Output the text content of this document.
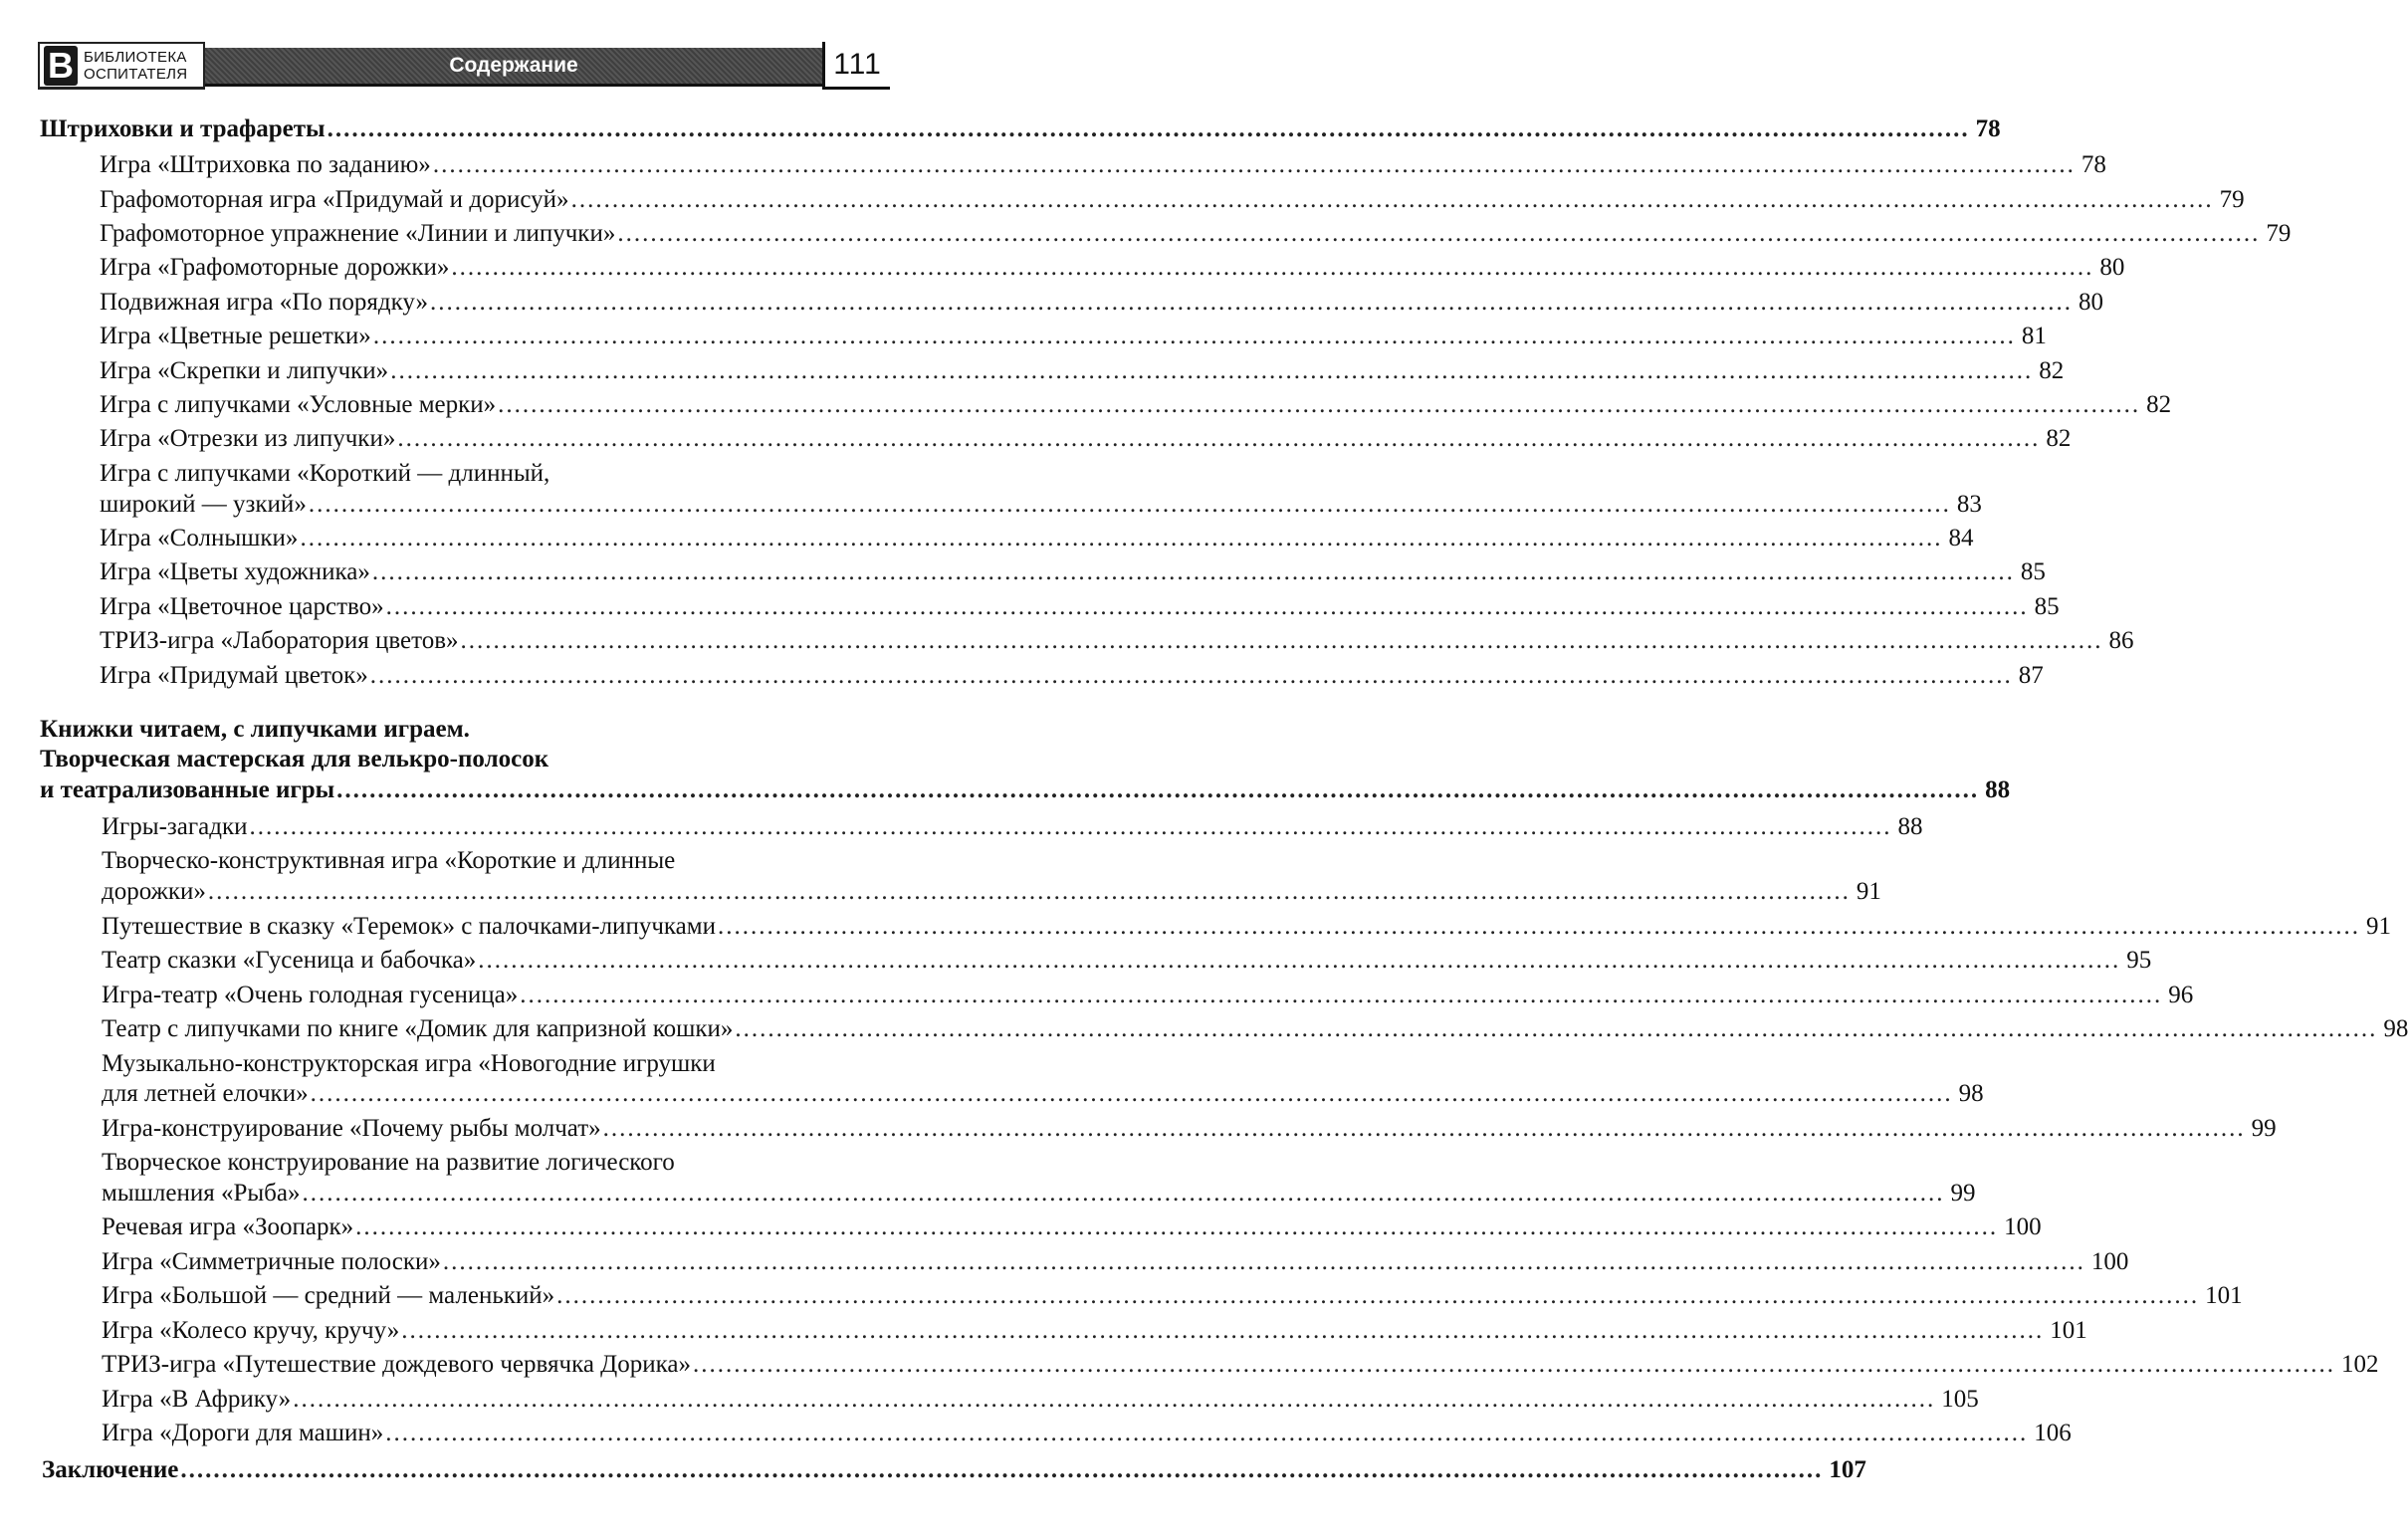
В БИБЛИОТЕКА
ОСПИТАТЕЛЯ	Содержание	111
Штриховки и трафареты ........................................................................................................................................................................................................ 78
Игра «Штриховка по заданию» ........................................................................................................................................................................................................ 78
Графомоторная игра «Придумай и дорисуй» ........................................................................................................................................................................................................ 79
Графомоторное упражнение «Линии и липучки» ........................................................................................................................................................................................................ 79
Игра «Графомоторные дорожки» ........................................................................................................................................................................................................ 80
Подвижная игра «По порядку» ........................................................................................................................................................................................................ 80
Игра «Цветные решетки» ........................................................................................................................................................................................................ 81
Игра «Скрепки и липучки» ........................................................................................................................................................................................................ 82
Игра с липучками «Условные мерки» ........................................................................................................................................................................................................ 82
Игра «Отрезки из липучки» ........................................................................................................................................................................................................ 82
Игра с липучками «Короткий — длинный,
широкий — узкий» ........................................................................................................................................................................................................ 83
Игра «Солнышки» ........................................................................................................................................................................................................ 84
Игра «Цветы художника» ........................................................................................................................................................................................................ 85
Игра «Цветочное царство» ........................................................................................................................................................................................................ 85
ТРИЗ-игра «Лаборатория цветов» ........................................................................................................................................................................................................ 86
Игра «Придумай цветок» ........................................................................................................................................................................................................ 87
Книжки читаем, с липучками играем.
Творческая мастерская для велькро-полосок
и театрализованные игры ........................................................................................................................................................................................................ 88
Игры-загадки ........................................................................................................................................................................................................ 88
Творческо-конструктивная игра «Короткие и длинные
дорожки» ........................................................................................................................................................................................................ 91
Путешествие в сказку «Теремок» с палочками-липучками ........................................................................................................................................................................................................ 91
Театр сказки «Гусеница и бабочка» ........................................................................................................................................................................................................ 95
Игра-театр «Очень голодная гусеница» ........................................................................................................................................................................................................ 96
Театр с липучками по книге «Домик для капризной кошки» ........................................................................................................................................................................................................ 98
Музыкально-конструкторская игра «Новогодние игрушки
для летней елочки» ........................................................................................................................................................................................................ 98
Игра-конструирование «Почему рыбы молчат» ........................................................................................................................................................................................................ 99
Творческое конструирование на развитие логического
мышления «Рыба» ........................................................................................................................................................................................................ 99
Речевая игра «Зоопарк» ........................................................................................................................................................................................................ 100
Игра «Симметричные полоски» ........................................................................................................................................................................................................ 100
Игра «Большой — средний — маленький» ........................................................................................................................................................................................................ 101
Игра «Колесо кручу, кручу» ........................................................................................................................................................................................................ 101
ТРИЗ-игра «Путешествие дождевого червячка Дорика» ........................................................................................................................................................................................................ 102
Игра «В Африку» ........................................................................................................................................................................................................ 105
Игра «Дороги для машин» ........................................................................................................................................................................................................ 106
Заключение ........................................................................................................................................................................................................ 107
